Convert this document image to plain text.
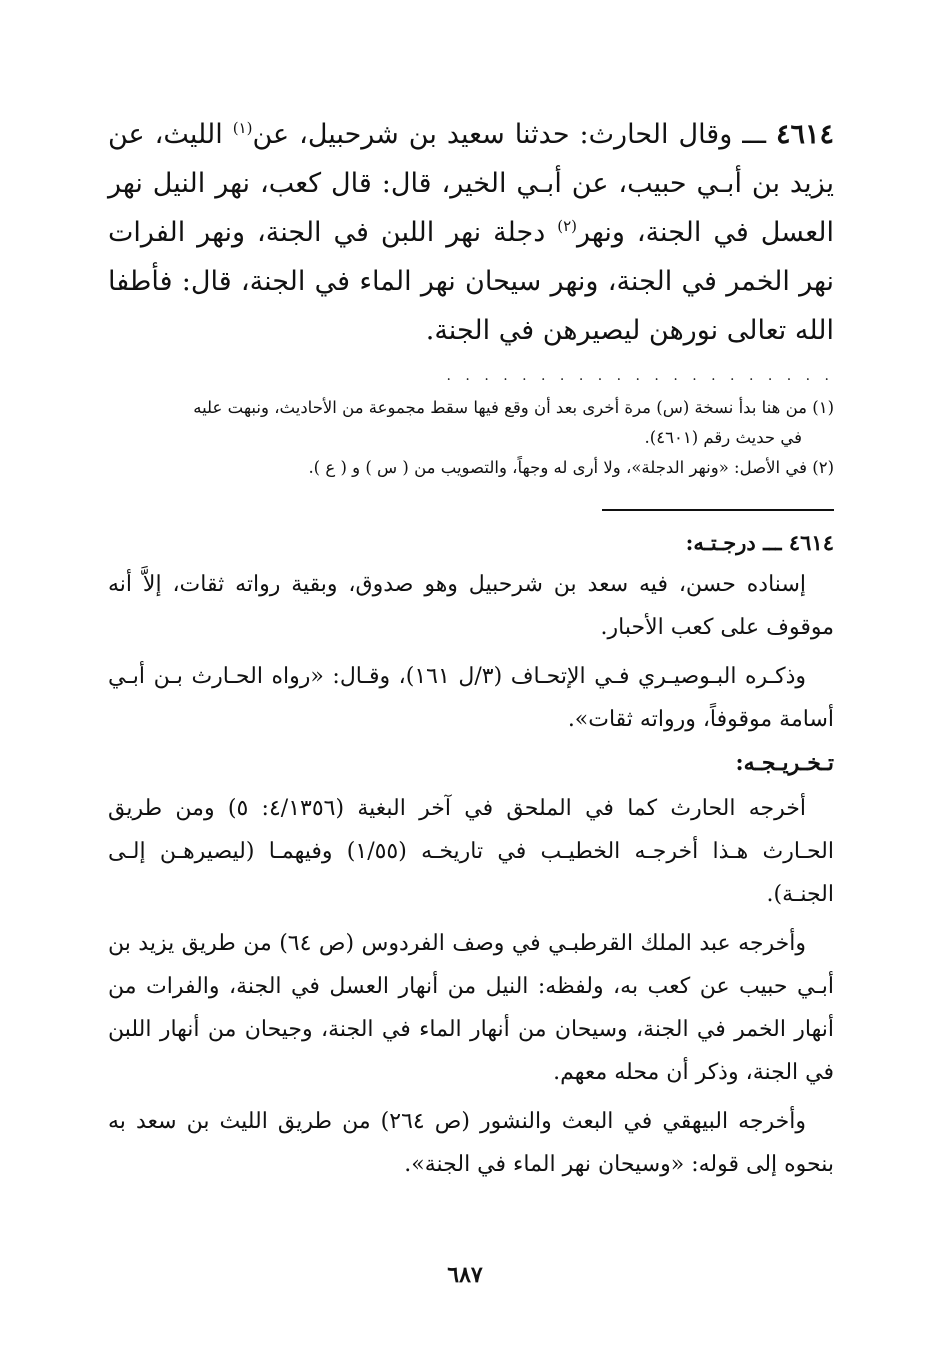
٤٦١٤ ـــ وقال الحارث: حدثنا سعيد بن شرحبيل، عن$^{(١)}$ الليث، عن يزيد بن أبـي حبيب، عن أبـي الخير، قال: قال كعب، نهر النيل نهر العسل في الجنة، ونهر$^{(٢)}$ دجلة نهر اللبن في الجنة، ونهر الفرات نهر الخمر في الجنة، ونهر سيحان نهر الماء في الجنة، قال: فأطفا الله تعالى نورهن ليصيرهن في الجنة.

. . . . . . . . . . . . . . . . . . . . .

(١) من هنا بدأ نسخة (س) مرة أخرى بعد أن وقع فيها سقط مجموعة من الأحاديث، ونبهت عليه

في حديث رقم (٤٦٠١).

(٢) في الأصل: «ونهر الدجلة»، ولا أرى له وجهاً، والتصويب من ( س ) و ( ع ).

٤٦١٤ ـــ درجـتـه:

إسناده حسن، فيه سعد بن شرحبيل وهو صدوق، وبقية رواته ثقات، إلاَّ أنه موقوف على كعب الأحبار.

وذكـره البـوصيـري فـي الإتحـاف (٣/ل ١٦١)، وقـال: «رواه الحـارث بـن أبـي أسامة موقوفاً، ورواته ثقات».

تـخـريـجـه:

أخرجه الحارث كما في الملحق في آخر البغية (٤/١٣٥٦: ٥) ومن طريق الحـارث هـذا أخرجـه الخطيـب في تاريخـه (١/٥٥) وفيهمـا (ليصيرهـن إلـى الجنـة).

وأخرجه عبد الملك القرطبـي في وصف الفردوس (ص ٦٤) من طريق يزيد بن أبـي حبيب عن كعب به، ولفظه: النيل من أنهار العسل في الجنة، والفرات من أنهار الخمر في الجنة، وسيحان من أنهار الماء في الجنة، وجيحان من أنهار اللبن في الجنة، وذكر أن محله معهم.

وأخرجه البيهقي في البعث والنشور (ص ٢٦٤) من طريق الليث بن سعد به بنحوه إلى قوله: «وسيحان نهر الماء في الجنة».

٦٨٧
